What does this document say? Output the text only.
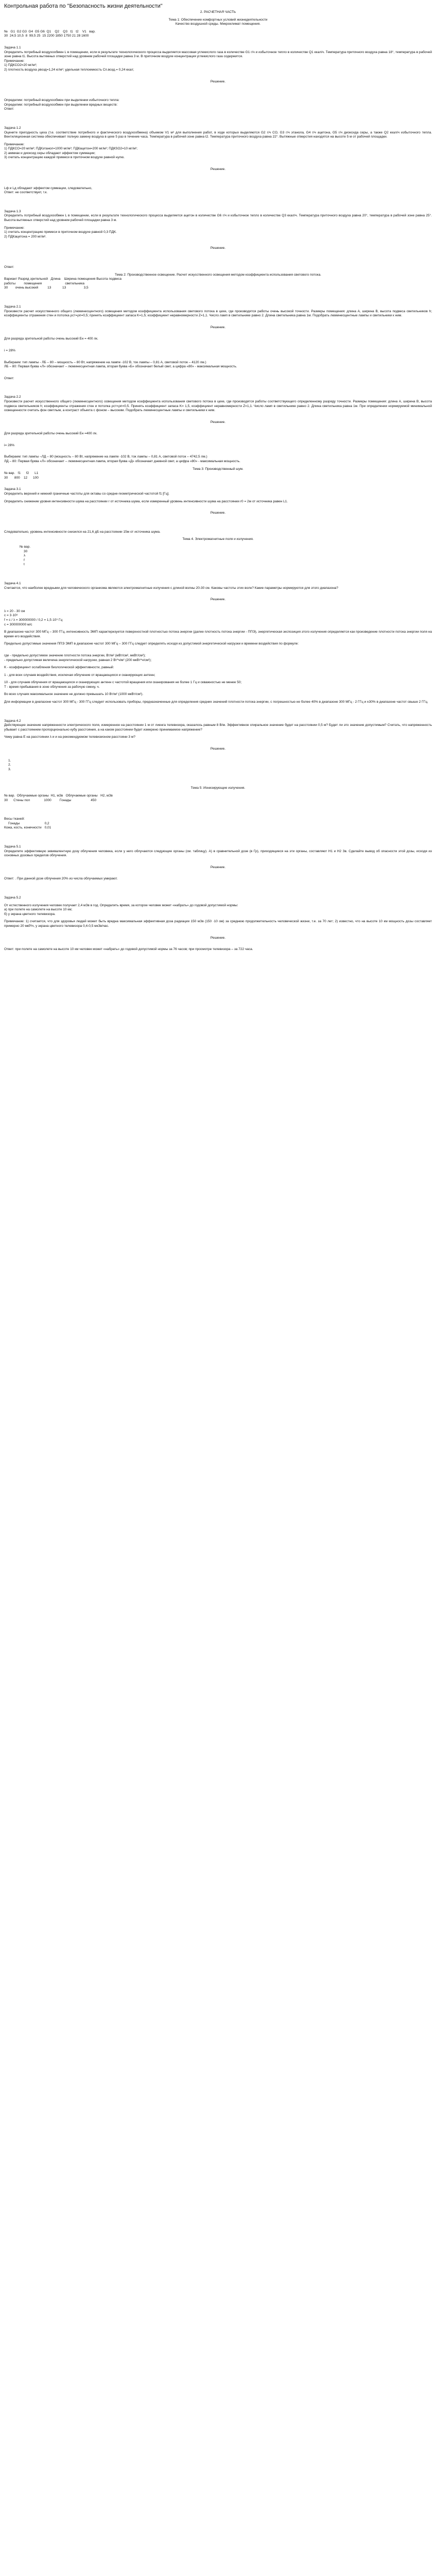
Контрольная работа по "Безопасность жизни деятельности"
2. РАСЧЕТНАЯ ЧАСТЬ
Тема 1: Обеспечение комфортных условий жизнедеятельности
Качество воздушной среды. Микроклимат помещения.
№   G1  G2 G3  G4  G5 G6  Q1    Q2    Q3   t1   t2    V1   вар.
30  24,5 10,5  8  99,5 25  15 2200 1850 1750 21 28 1600
Задача 1.1
Определить потребный воздухообмен L в помещении, если в результате технологического процесса выделяется массовая углекислого газа в количестве G1 г/ч и избыточное тепло в количестве Q1 ккал/ч. Температура приточного воздуха равна 18°, температура в рабочей зоне равна t1. Высота вытяжных отверстий над уровнем рабочей площадки равна 3 м. В приточном воздухе концентрация углекислого газа содержится.
Примечание:
1) ПДКCO2=20 мг/м³;
2) плотность воздуха ρвозд=1,24 кг/м³; удельная теплоемкость Cп.возд.= 0,24 ккал;
Решение.
Определим: потребный воздухообмен при выделении избыточного тепла:
Определим: потребный воздухообмен при выделении вредных веществ:
Ответ:
Задача 1.2
Оцените пригодность цеха (т.е. соответствие потребного и фактического воздухообмена) объемом V1 м³ для выполнения работ, в ходе которых выделяются G2 г/ч CO, G3 г/ч этанола, G4 г/ч ацетона, G5 г/ч диоксида серы, а также Q2 ккал/ч избыточного тепла. Вентиляционная система обеспечивает полную замену воздуха в цехе 5 раз в течение часа. Температура в рабочей зоне равна t2. Температура приточного воздуха равна 22°. Вытяжные отверстия находятся на высоте 5 м от рабочей площадки.
Примечание:
1) ПДКCO=20 мг/м³; ПДКэтанол=1000 мг/м³; ПДКацетон=200 мг/м³; ПДКSO2=10 мг/м³;
2) аммиак и диоксид серы обладают эффектом суммации;
3) считать концентрацию каждой примеси в приточном воздухе равной нулю.
Решение.
Lф и Lд обладают эффектом суммации, следовательно,
Ответ: не соответствует, т.к.
Задача 1.3
Определить потребный воздухообмен L в помещении, если в результате технологического процесса выделяется ацетон в количестве G6 г/ч и избыточное тепло в количестве Q3 ккал/ч. Температура приточного воздуха равна 20°, температура в рабочей зоне равна 25°. Высота вытяжных отверстий над уровнем рабочей площадки равна 3 м.
Примечание:
1) считать концентрацию примеси в приточном воздухе равной 0,3 ПДК.
2) ПДКацетона = 200 мг/м³.
Решение.
Ответ:
Тема 2: Производственное освещение. Расчет искусственного освещения методом коэффициента использования светового потока.
Вариант Разряд зрительной   Длина    Ширина помещения Высота подвеса
работы         помещения                         светильника
30        очень высокий          13            13                   3,5
Задача 2.1
Произвести расчет искусственного общего (люминесцентного) освещения методом коэффициента использования светового потока в цехе, где производятся работы очень высокой точности. Размеры помещения: длина A, ширина B, высота подвеса светильников h; коэффициенты отражения стен и потолка ρст=ρп=0,5; принять коэффициент запаса K=1,5; коэффициент неравномерности Z=1,1. Число ламп в светильнике равно 2. Длина светильника равна 1м. Подобрать люминесцентные лампы и светильники к ним.
Решение.
Для разряда зрительной работы очень высокий Ен = 400 лк.
i = 28%
Выбираем: тип лампы - ЛБ – 80 – мощность – 80 Вт, напряжение на лампе -102 В, ток лампы – 0,81 А, световой поток – 4120 лм.)
ЛБ – 80: Первая буква «Л» обозначает – люминесцентная лампа, вторая буква «Б» обозначает белый свет, а цифра «80» - максимальная мощность.
Ответ:
Задача 2.2
Произвести расчет искусственного общего (люминесцентного) освещения методом коэффициента использования светового потока в цехе, где производятся работы соответствующего определенному разряду точности. Размеры помещения: длина A, ширина B, высота подвеса светильников h; коэффициенты отражения стен и потолка ρст=ρп=0,5. Принять коэффициент запаса K= 1,5, коэффициент неравномерности Z=1,1. Число ламп в светильнике равно 2. Длина светильника равна 1м. При определении нормируемой минимальной освещенности считать фон светлым, а контраст объекта с фоном – высоким. Подобрать люминесцентные лампы и светильники к ним.
Решение.
Для разряда зрительной работы очень высокий Ен =400 лк.
i= 28%
Выбираем: тип лампы –ЛД – 80 (мощность – 80 Вт, напряжение на лампе -102 В, ток лампы – 0,81 А, световой поток – 4742,5 лм.)
ЛД – 80: Первая буква «Л» обозначает – люминесцентная лампа, вторая буква «Д» обозначает дневной свет, а цифра «80» - максимальная мощность.
Тема 3: Производственный шум.
№ вар.   f1      f2      L1
30       800    12      100
Задача 3.1
Определить верхний и нижний граничные частоты для октавы со средне-геометрической частотой f1 [Гц].
Определить снижение уровня интенсивности шума на расстоянии r от источника шума, если измеренный уровень интенсивности шума на расстоянии r0 = 2м от источника равен L1.
Решение.
Следовательно, уровень интенсивности снизился на 21,6 дБ на расстоянии 15м от источника шума.
Тема 4. Электромагнитные поля и излучения.
№ вар.
30
λ
f
t
Задача 4.1
Считается, что наиболее вредными для человеческого организма являются электромагнитные излучения с длиной волны 20-30 см. Каковы частоты этих волн? Какие параметры нормируются для этого диапазона?
Решение.
λ = 20 - 30 см
c = 3·10⁸
f = c / λ = 300000000 / 0,2 = 1,5·10⁹ Гц
c = 300000000 м/с
В диапазоне частот 300 МГц – 300 ГГц, интенсивность ЭМП характеризуется поверхностной плотностью потока энергии (далее плотность потока энергии - ППЭ), энергетическая экспозиция этого излучения определяется как произведение плотности потока энергии поля на время его воздействия.
Предельно допустимые значения ППЭ ЭМП в диапазоне частот 300 МГц – 300 ГГц следует определять исходя из допустимой энергетической нагрузки и времени воздействия по формуле:
где - предельно допустимое значение плотности потока энергии, Вт/м² (мВт/см², мкВт/см²);
- предельно допустимая величина энергетической нагрузки, равная 2 Вт*ч/м² (200 мкВт*ч/см²);
K - коэффициент ослабления биологической эффективности, равный:
1 - для всех случаев воздействия, исключая облучение от вращающихся и сканирующих антенн;
10 - для случаев облучения от вращающихся и сканирующих антенн с частотой вращения или сканирования не более 1 Гц и скважностью не менее 50;
T - время пребывания в зоне облучения за рабочую смену, ч.
Во всех случаях максимальное значение не должно превышать 10 Вт/м² (1000 мкВт/см²).
Для информации в диапазоне частот 300 МГц - 300 ГГц следует использовать приборы, предназначенные для определения средних значений плотности потока энергии, с погрешностью не более 40% в диапазоне 300 МГц - 2 ГГц и ±30% в диапазоне частот свыше 2 ГГц.
Задача 4.2
Действующее значение напряженности электрического поля, измеренное на расстоянии 1 м от лиенга телевизора, оказалось равным 8 В/м. Эффективное спиральное значение будет на расстоянии 0,5 м? Будет ли это значение допустимым? Считать, что напряженность убывает с расстоянием пропорционально кубу расстояния, а на каком расстоянии будет измерено принимаемое напряжение?
Чему равна Е на расстоянии λ и и на рекомендуемом телевизионом расстояни 3 м?
Решение.
1.
2.
3.
Тема 5: Ионизирующие излучения.
№ вар.  Облучаемые органы  H1, мЗв   Облучаемые органы   H2, мЗв
30      Стены пол               1000         Гонады                     450
Весы тканей:	
Гонады	0,2
Кожа, кость, конечности	0,01
Задача 5.1
Определите эффективную эквивалентную дозу облучения человека, если у него облучаются следующие органы (см. таблицу). А) в сравнительной дозе (в Гр), приходящиеся на эти органы, составляют H1 и H2 Зв. Сделайте вывод об опасности этой дозы, исходя из основных дозовых пределов облучения.
Решение.
Ответ: . При данной дозе облучения 20% из числа облучаемых умирают.
Задача 5.2
От естественного излучения человек получает 2,4 мЗв в год. Определить время, за которое человек может «набрать» до годовой допустимой нормы:
a) при полете на самолете на высоте 10 км;
б) у экрана цветного телевизора.
Примечание: 1) считается, что для здоровья людей может быть вредна максимальная эффективная доза радиации 150 мЗв (150 ·10 ом) за среднюю продолжительность человеческой жизни, т.е. за 70 лет; 2) известно, что на высоте 10 км мощность дозы составляет примерно 20 мкР/ч, у экрана цветного телевизора 0,4-0,5 мкЗв/час.
Решение.
Ответ: при полете на самолете на высоте 10 км человек может «набрать» до годовой допустимой нормы за 76 часов; при просмотре телевизора – за 722 часа.
